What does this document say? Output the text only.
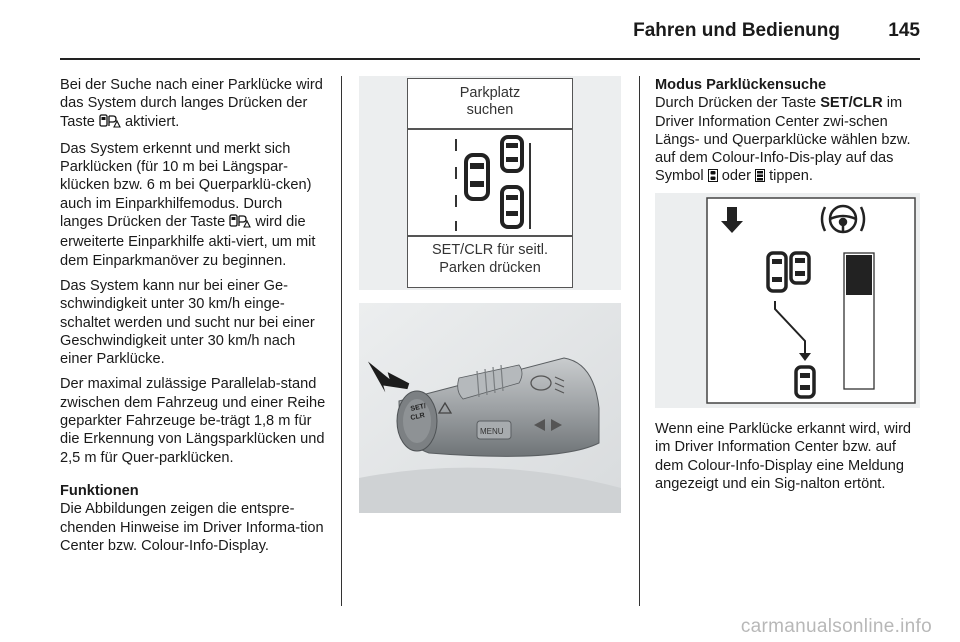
Fahren und Bedienung	145

Bei der Suche nach einer Parklücke wird das System durch langes Drücken der Taste  aktiviert.

Das System erkennt und merkt sich Parklücken (für 10 m bei Längspar-klücken bzw. 6 m bei Querparklü-cken) auch im Einparkhilfemodus. Durch langes Drücken der Taste  wird die erweiterte Einparkhilfe akti-viert, um mit dem Einparkmanöver zu beginnen.

Das System kann nur bei einer Ge-schwindigkeit unter 30 km/h einge-schaltet werden und sucht nur bei einer Geschwindigkeit unter 30 km/h nach einer Parklücke.

Der maximal zulässige Parallelab-stand zwischen dem Fahrzeug und einer Reihe geparkter Fahrzeuge be-trägt 1,8 m für die Erkennung von Längsparklücken und 2,5 m für Quer-parklücken.

Funktionen
Die Abbildungen zeigen die entspre-chenden Hinweise im Driver Informa-tion Center bzw. Colour-Info-Display.

Parkplatz
suchen
SET/CLR für seitl.
Parken drücken
MENU
SET/
CLR

Modus Parklückensuche
Durch Drücken der Taste SET/CLR im Driver Information Center zwi-schen Längs- und Querparklücke wählen bzw. auf dem Colour-Info-Dis-play auf das Symbol  oder  tippen.

Wenn eine Parklücke erkannt wird, wird im Driver Information Center bzw. auf dem Colour-Info-Display eine Meldung angezeigt und ein Sig-nalton ertönt.

carmanualsonline.info
